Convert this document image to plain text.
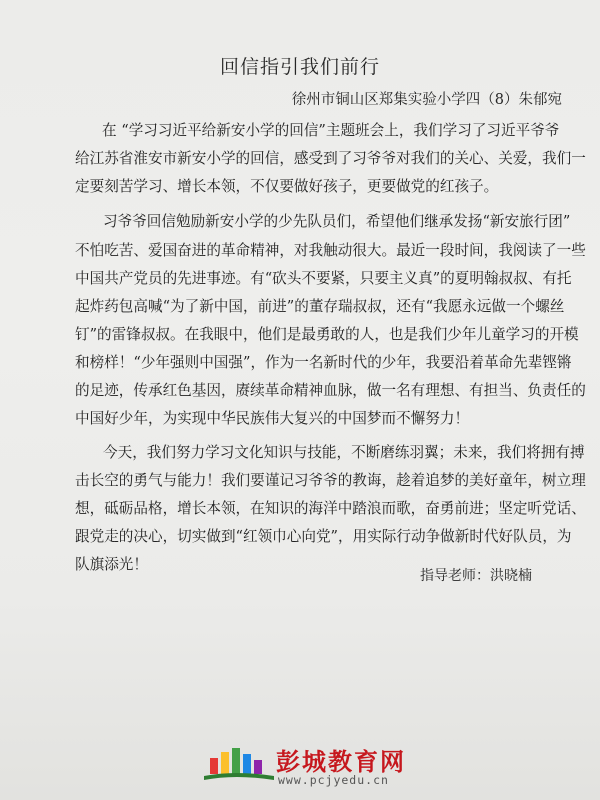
回信指引我们前行
徐州市铜山区郑集实验小学四（8）朱郁宛
在 “学习习近平给新安小学的回信”主题班会上，我们学习了习近平爷爷
给江苏省淮安市新安小学的回信，感受到了习爷爷对我们的关心、关爱，我们一
定要刻苦学习、增长本领，不仅要做好孩子，更要做党的红孩子。
习爷爷回信勉励新安小学的少先队员们，希望他们继承发扬“新安旅行团”
不怕吃苦、爱国奋进的革命精神，对我触动很大。最近一段时间，我阅读了一些
中国共产党员的先进事迹。有“砍头不要紧，只要主义真”的夏明翰叔叔、有托
起炸药包高喊“为了新中国，前进”的董存瑞叔叔，还有“我愿永远做一个螺丝
钉”的雷锋叔叔。在我眼中，他们是最勇敢的人，也是我们少年儿童学习的开模
和榜样！“少年强则中国强”，作为一名新时代的少年，我要沿着革命先辈铿锵
的足迹，传承红色基因，赓续革命精神血脉，做一名有理想、有担当、负责任的
中国好少年，为实现中华民族伟大复兴的中国梦而不懈努力！
今天，我们努力学习文化知识与技能，不断磨练羽翼；未来，我们将拥有搏
击长空的勇气与能力！我们要谨记习爷爷的教诲，趁着追梦的美好童年，树立理
想，砥砺品格，增长本领，在知识的海洋中踏浪而歌，奋勇前进；坚定听党话、
跟党走的决心，切实做到“红领巾心向党”，用实际行动争做新时代好队员，为
队旗添光！
指导老师：洪晓楠
彭城教育网
www.pcjyedu.cn
